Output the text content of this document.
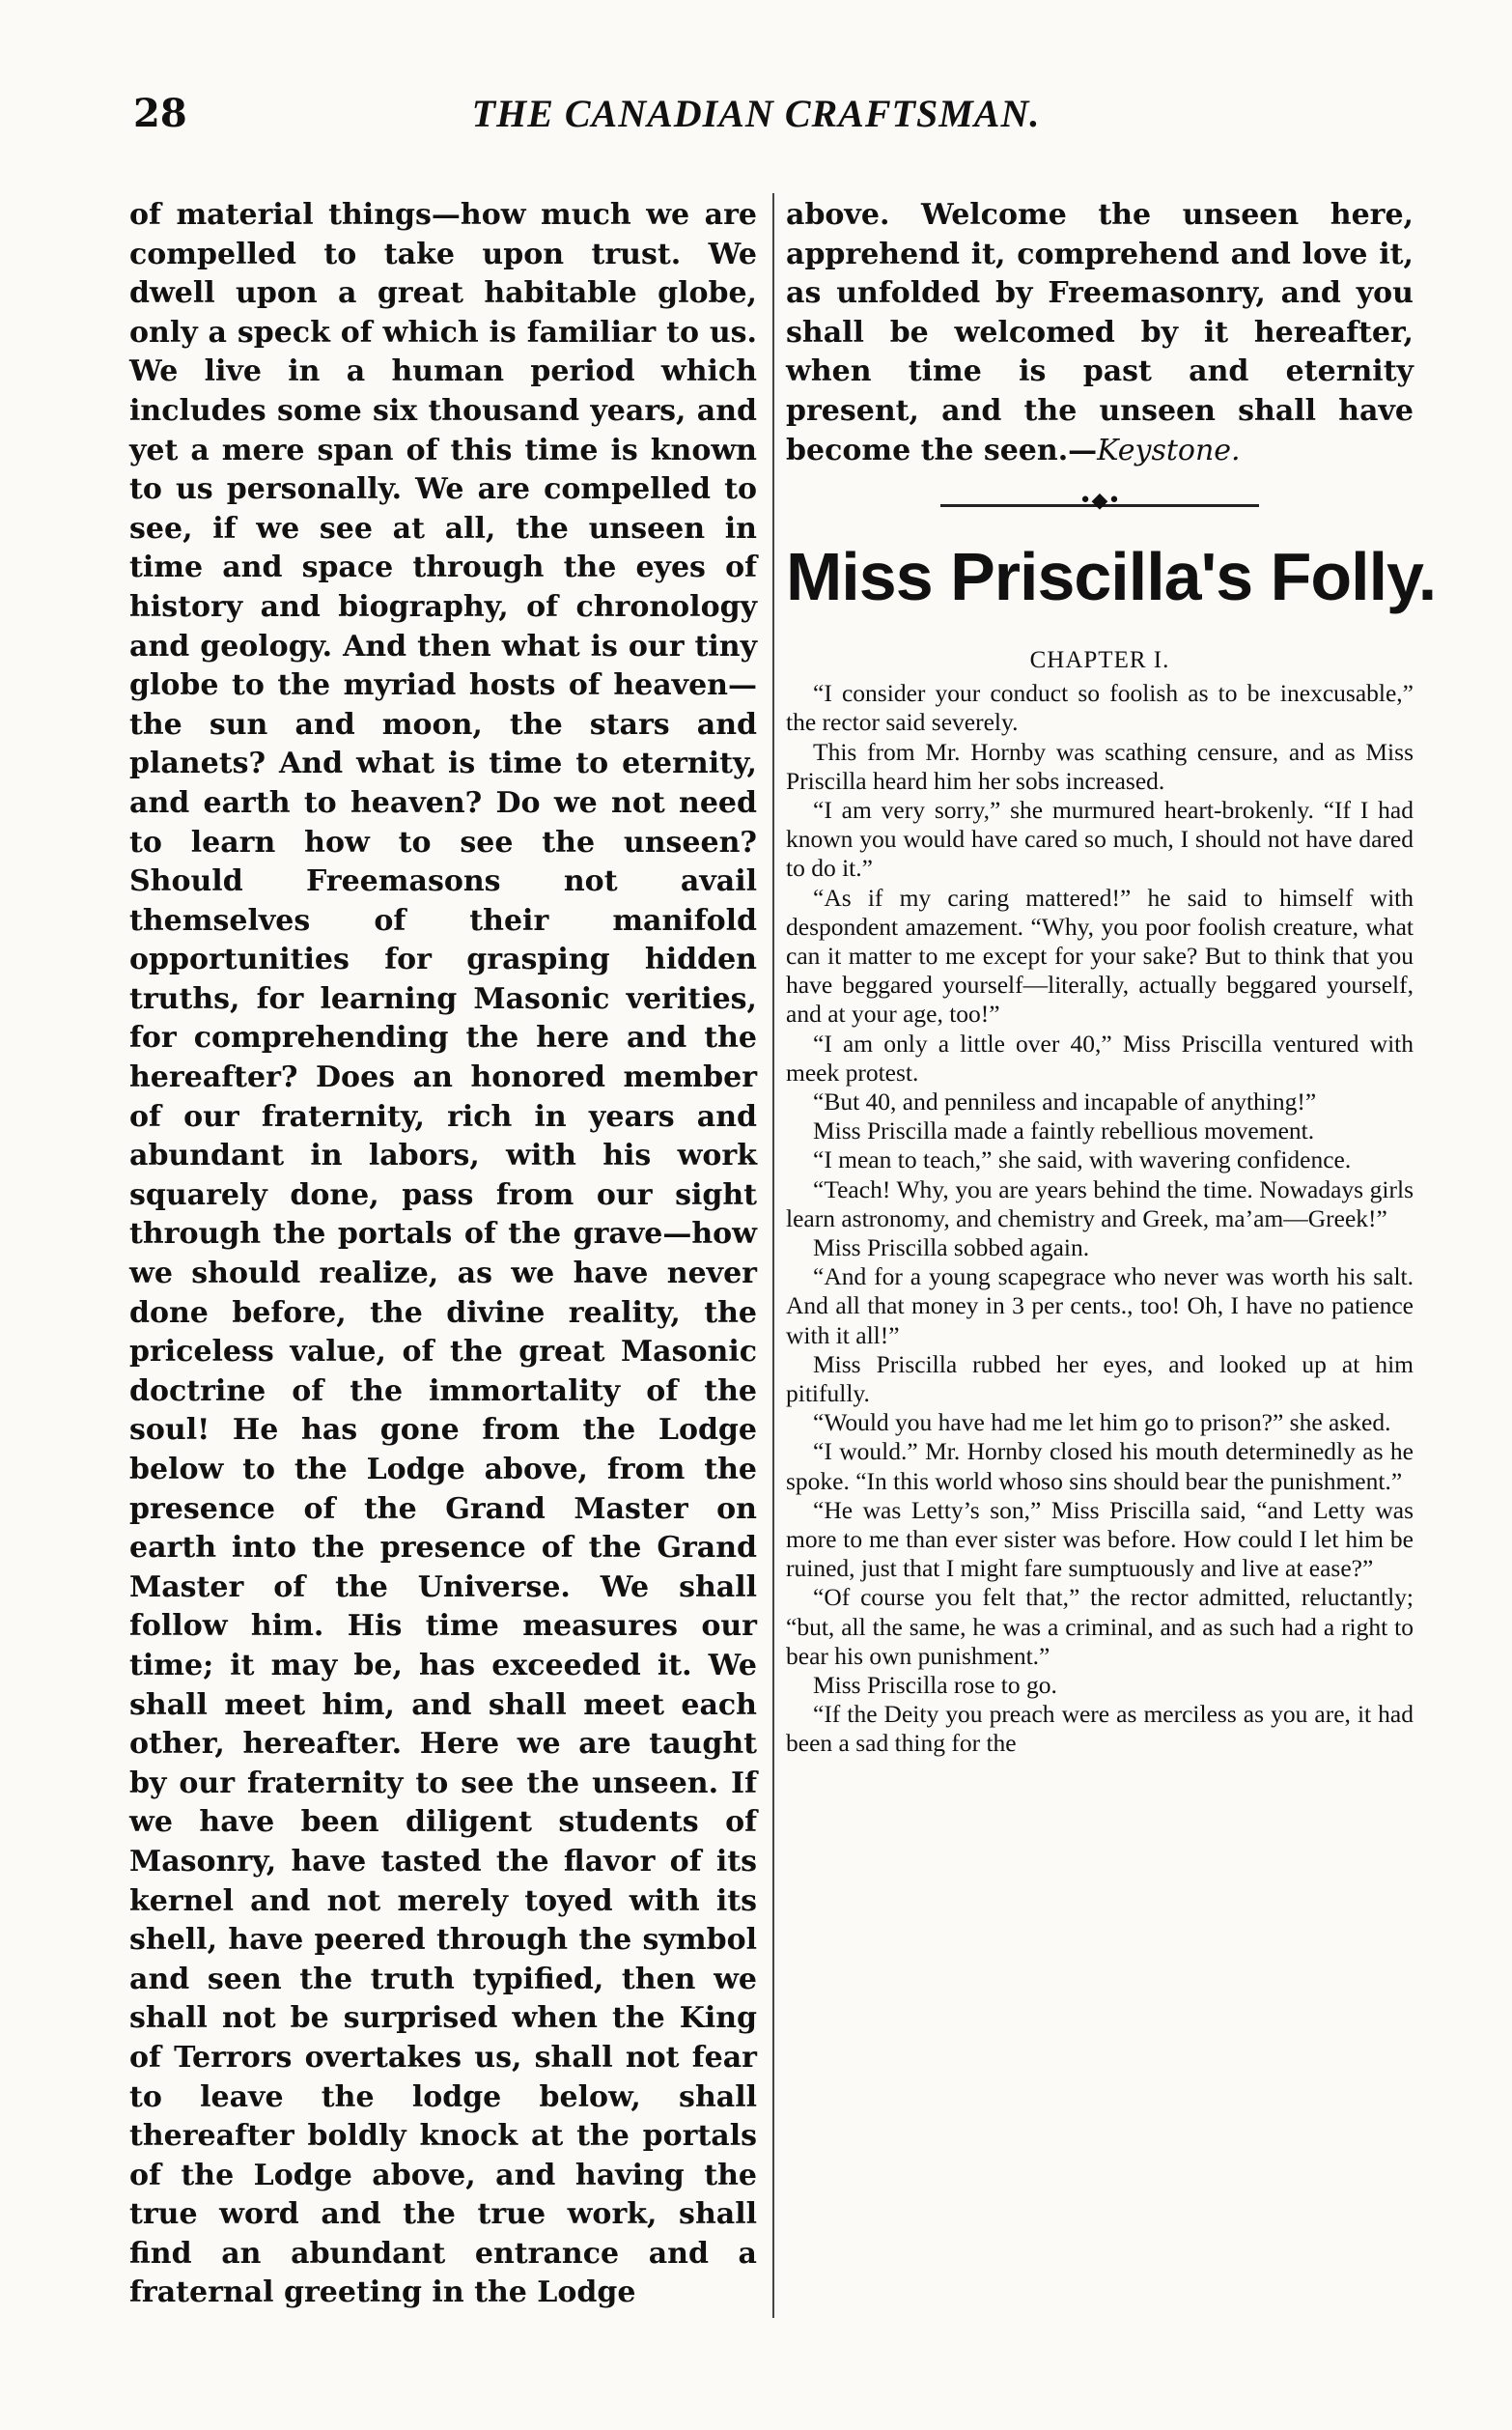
28	THE CANADIAN CRAFTSMAN.

of material things—how much we are compelled to take upon trust. We dwell upon a great habitable globe, only a speck of which is familiar to us. We live in a human period which includes some six thousand years, and yet a mere span of this time is known to us personally. We are compelled to see, if we see at all, the unseen in time and space through the eyes of history and biography, of chronology and geology. And then what is our tiny globe to the myriad hosts of heaven—the sun and moon, the stars and planets? And what is time to eternity, and earth to heaven? Do we not need to learn how to see the unseen? Should Freemasons not avail themselves of their manifold opportunities for grasping hidden truths, for learning Masonic verities, for comprehending the here and the hereafter? Does an honored member of our fraternity, rich in years and abundant in labors, with his work squarely done, pass from our sight through the portals of the grave—how we should realize, as we have never done before, the divine reality, the priceless value, of the great Masonic doctrine of the immortality of the soul! He has gone from the Lodge below to the Lodge above, from the presence of the Grand Master on earth into the presence of the Grand Master of the Universe. We shall follow him. His time measures our time; it may be, has exceeded it. We shall meet him, and shall meet each other, hereafter. Here we are taught by our fraternity to see the unseen. If we have been diligent students of Masonry, have tasted the flavor of its kernel and not merely toyed with its shell, have peered through the symbol and seen the truth typified, then we shall not be surprised when the King of Terrors overtakes us, shall not fear to leave the lodge below, shall thereafter boldly knock at the portals of the Lodge above, and having the true word and the true work, shall find an abundant entrance and a fraternal greeting in the Lodge

above. Welcome the unseen here, apprehend it, comprehend and love it, as unfolded by Freemasonry, and you shall be welcomed by it hereafter, when time is past and eternity present, and the unseen shall have become the seen.—Keystone.

•◆•
Miss Priscilla's Folly.
CHAPTER I.

“I consider your conduct so foolish as to be inexcusable,” the rector said severely.

This from Mr. Hornby was scathing censure, and as Miss Priscilla heard him her sobs increased.

“I am very sorry,” she murmured heart-brokenly. “If I had known you would have cared so much, I should not have dared to do it.”

“As if my caring mattered!” he said to himself with despondent amazement. “Why, you poor foolish creature, what can it matter to me except for your sake? But to think that you have beggared yourself—literally, actually beggared yourself, and at your age, too!”

“I am only a little over 40,” Miss Priscilla ventured with meek protest.

“But 40, and penniless and incapable of anything!”

Miss Priscilla made a faintly rebellious movement.

“I mean to teach,” she said, with wavering confidence.

“Teach! Why, you are years behind the time. Nowadays girls learn astronomy, and chemistry and Greek, ma’am—Greek!”

Miss Priscilla sobbed again.

“And for a young scapegrace who never was worth his salt. And all that money in 3 per cents., too! Oh, I have no patience with it all!”

Miss Priscilla rubbed her eyes, and looked up at him pitifully.

“Would you have had me let him go to prison?” she asked.

“I would.” Mr. Hornby closed his mouth determinedly as he spoke. “In this world whoso sins should bear the punishment.”

“He was Letty’s son,” Miss Priscilla said, “and Letty was more to me than ever sister was before. How could I let him be ruined, just that I might fare sumptuously and live at ease?”

“Of course you felt that,” the rector admitted, reluctantly; “but, all the same, he was a criminal, and as such had a right to bear his own punishment.”

Miss Priscilla rose to go.

“If the Deity you preach were as merciless as you are, it had been a sad thing for the
